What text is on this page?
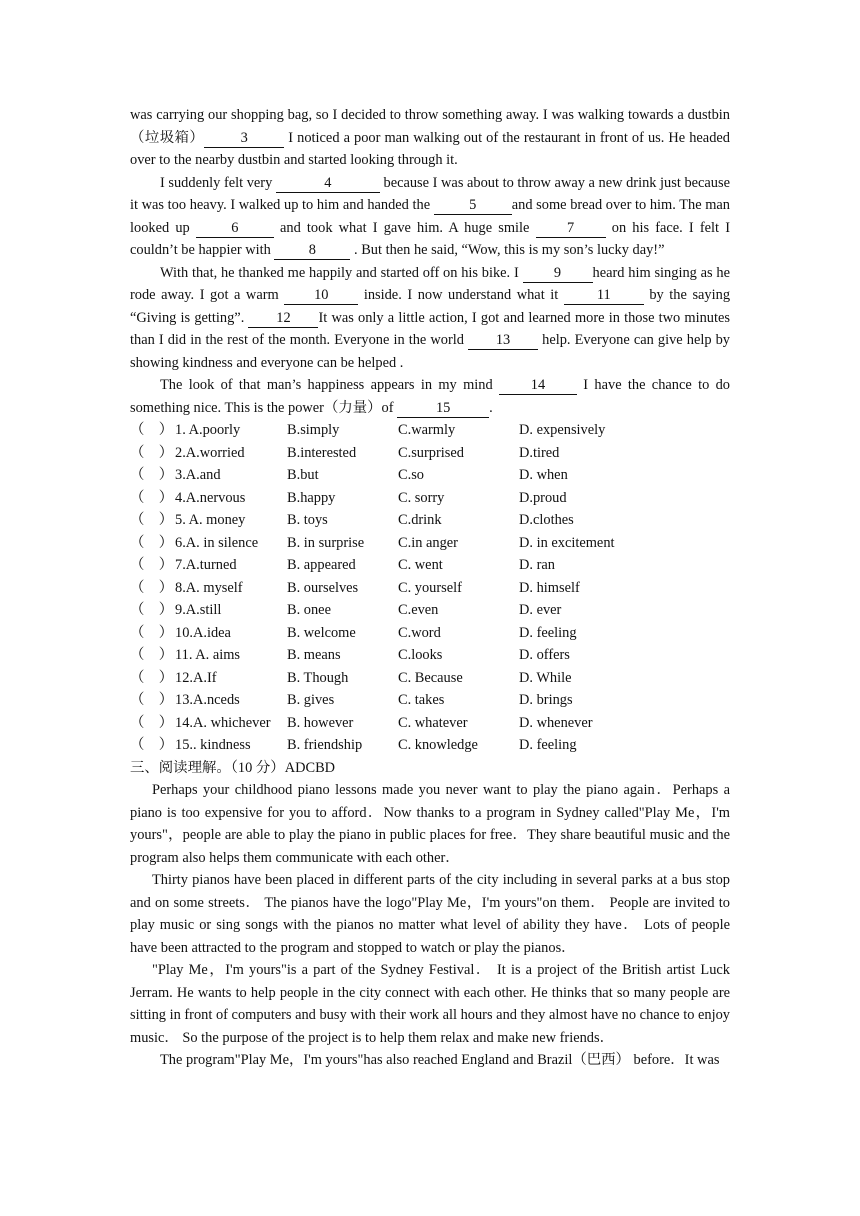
was carrying our shopping bag, so I decided to throw something away. I was walking towards a dustbin（垃圾箱）	3	I noticed a poor man walking out of the restaurant in front of us. He headed over to the nearby dustbin and started looking through it.

I suddenly felt very	4	because I was about to throw away a new drink just because it was too heavy. I walked up to him and handed the 5 and some bread over to him. The man looked up 6 and took what I gave him. A huge smile 7 on his face. I felt I couldn’t be happier with 8 . But then he said, “Wow, this is my son’s lucky day!”

With that, he thanked me happily and started off on his bike. I 9 heard him singing as he rode away. I got a warm 10 inside. I now understand what it 11 by the saying “Giving is getting”. 12 It was only a little action, I got and learned more in those two minutes than I did in the rest of the month. Everyone in the world 13 help. Everyone can give help by showing kindness and everyone can be helped .

The look of that man’s happiness appears in my mind 14 I have the chance to do something nice. This is the power（力量）of	15	.

（　） 1. A.poorly	B.simply	C.warmly	D. expensively
（　） 2.A.worried	B.interested	C.surprised	D.tired
（　） 3.A.and	B.but	C.so	D. when
（　） 4.A.nervous	B.happy	C. sorry	D.proud
（　） 5. A. money	B. toys	C.drink	D.clothes
（　） 6.A. in silence B. in surprise C.in anger	D. in excitement
（　） 7.A.turned	B. appeared	C. went	D. ran
（　） 8.A. myself	B. ourselves	C. yourself	D. himself
（　） 9.A.still	B. onee	C.even	D. ever
（　） 10.A.idea	B. welcome	C.word	D. feeling
（　） 11. A. aims	B. means	C.looks	D. offers
（　） 12.A.If	B. Though	C. Because	D. While
（　） 13.A.nceds	B. gives	C. takes	D. brings
（　） 14.A. whichever B. however	C. whatever	D. whenever
（　） 15.. kindness	B. friendship C. knowledge	D. feeling

三、阅读理解。（10 分）ADCBD

Perhaps your childhood piano lessons made you never want to play the piano again．Perhaps a piano is too expensive for you to afford．Now thanks to a program in Sydney called"Play Me，I'm yours"，people are able to play the piano in public places for free．They share beautiful music and the program also helps them communicate with each other．

Thirty pianos have been placed in different parts of the city including in several parks at a bus stop and on some streets． The pianos have the logo"Play Me，I'm yours"on them． People are invited to play music or sing songs with the pianos no matter what level of ability they have． Lots of people have been attracted to the program and stopped to watch or play the pianos．

"Play Me，I'm yours"is a part of the Sydney Festival． It is a project of the British artist Luck Jerram. He wants to help people in the city connect with each other. He thinks that so many people are sitting in front of computers and busy with their work all hours and they almost have no chance to enjoy music． So the purpose of the project is to help them relax and make new friends．

The program"Play Me，I'm yours"has also reached England and Brazil（巴西） before．It was
